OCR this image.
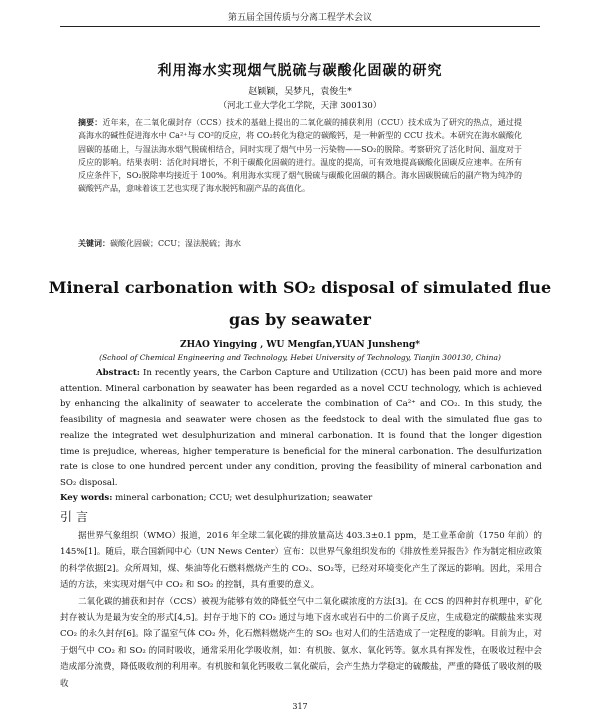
第五届全国传质与分离工程学术会议
利用海水实现烟气脱硫与碳酸化固碳的研究
赵颖颖，吴梦凡，袁俊生*
（河北工业大学化工学院，天津 300130）
摘要：近年来，在二氧化碳封存（CCS）技术的基础上提出的二氧化碳的捕获利用（CCU）技术成为了研究的热点，通过提高海水的碱性促进海水中 Ca²⁺与 CO²的反应，将 CO₂转化为稳定的碳酸钙，是一种新型的 CCU 技术。本研究在海水碳酸化固碳的基础上，与湿法海水烟气脱硫相结合，同时实现了烟气中另一污染物——SO₂的脱除。考察研究了活化时间、温度对于反应的影响。结果表明：活化时间增长，不利于碳酸化固碳的进行。温度的提高，可有效地提高碳酸化固碳反应速率。在所有反应条件下，SO₂脱除率均接近于 100%。利用海水实现了烟气脱硫与碳酸化固碳的耦合。海水固碳脱硫后的副产物为纯净的碳酸钙产品，意味着该工艺也实现了海水脱钙和副产品的高值化。
关键词：碳酸化固碳；CCU；湿法脱硫；海水
Mineral carbonation with SO₂ disposal of simulated flue gas by seawater
ZHAO Yingying , WU Mengfan,YUAN Junsheng*
(School of Chemical Engineering and Technology, Hebei University of Technology, Tianjin 300130, China)
Abstract: In recently years, the Carbon Capture and Utilization (CCU) has been paid more and more attention. Mineral carbonation by seawater has been regarded as a novel CCU technology, which is achieved by enhancing the alkalinity of seawater to accelerate the combination of Ca²⁺ and CO₂. In this study, the feasibility of magnesia and seawater were chosen as the feedstock to deal with the simulated flue gas to realize the integrated wet desulphurization and mineral carbonation. It is found that the longer digestion time is prejudice, whereas, higher temperature is beneficial for the mineral carbonation. The desulfurization rate is close to one hundred percent under any condition, proving the feasibility of mineral carbonation and SO₂ disposal.
Key words: mineral carbonation; CCU; wet desulphurization; seawater
引言

据世界气象组织（WMO）报道，2016 年全球二氧化碳的排放量高达 403.3±0.1 ppm，是工业革命前（1750 年前）的 145%[1]。随后，联合国新闻中心（UN News Center）宣布：以世界气象组织发布的《排放性差异报告》作为制定相应政策的科学依据[2]。众所周知，煤、柴油等化石燃料燃烧产生的 CO₂、SO₂等，已经对环境变化产生了深远的影响。因此，采用合适的方法，来实现对烟气中 CO₂ 和 SO₂ 的控制，具有重要的意义。

二氧化碳的捕获和封存（CCS）被视为能够有效的降低空气中二氧化碳浓度的方法[3]。在 CCS 的四种封存机理中，矿化封存被认为是最为安全的形式[4,5]。封存于地下的 CO₂ 通过与地下卤水或岩石中的二价离子反应，生成稳定的碳酸盐来实现 CO₂ 的永久封存[6]。除了温室气体 CO₂ 外，化石燃料燃烧产生的 SO₂ 也对人们的生活造成了一定程度的影响。目前为止，对于烟气中 CO₂ 和 SO₂ 的同时吸收，通常采用化学吸收剂，如：有机胺、氨水、氧化钙等。氨水具有挥发性，在吸收过程中会造成部分流费，降低吸收剂的利用率。有机胺和氧化钙吸收二氧化碳后，会产生热力学稳定的硫酸盐，严重的降低了吸收剂的吸收

317
